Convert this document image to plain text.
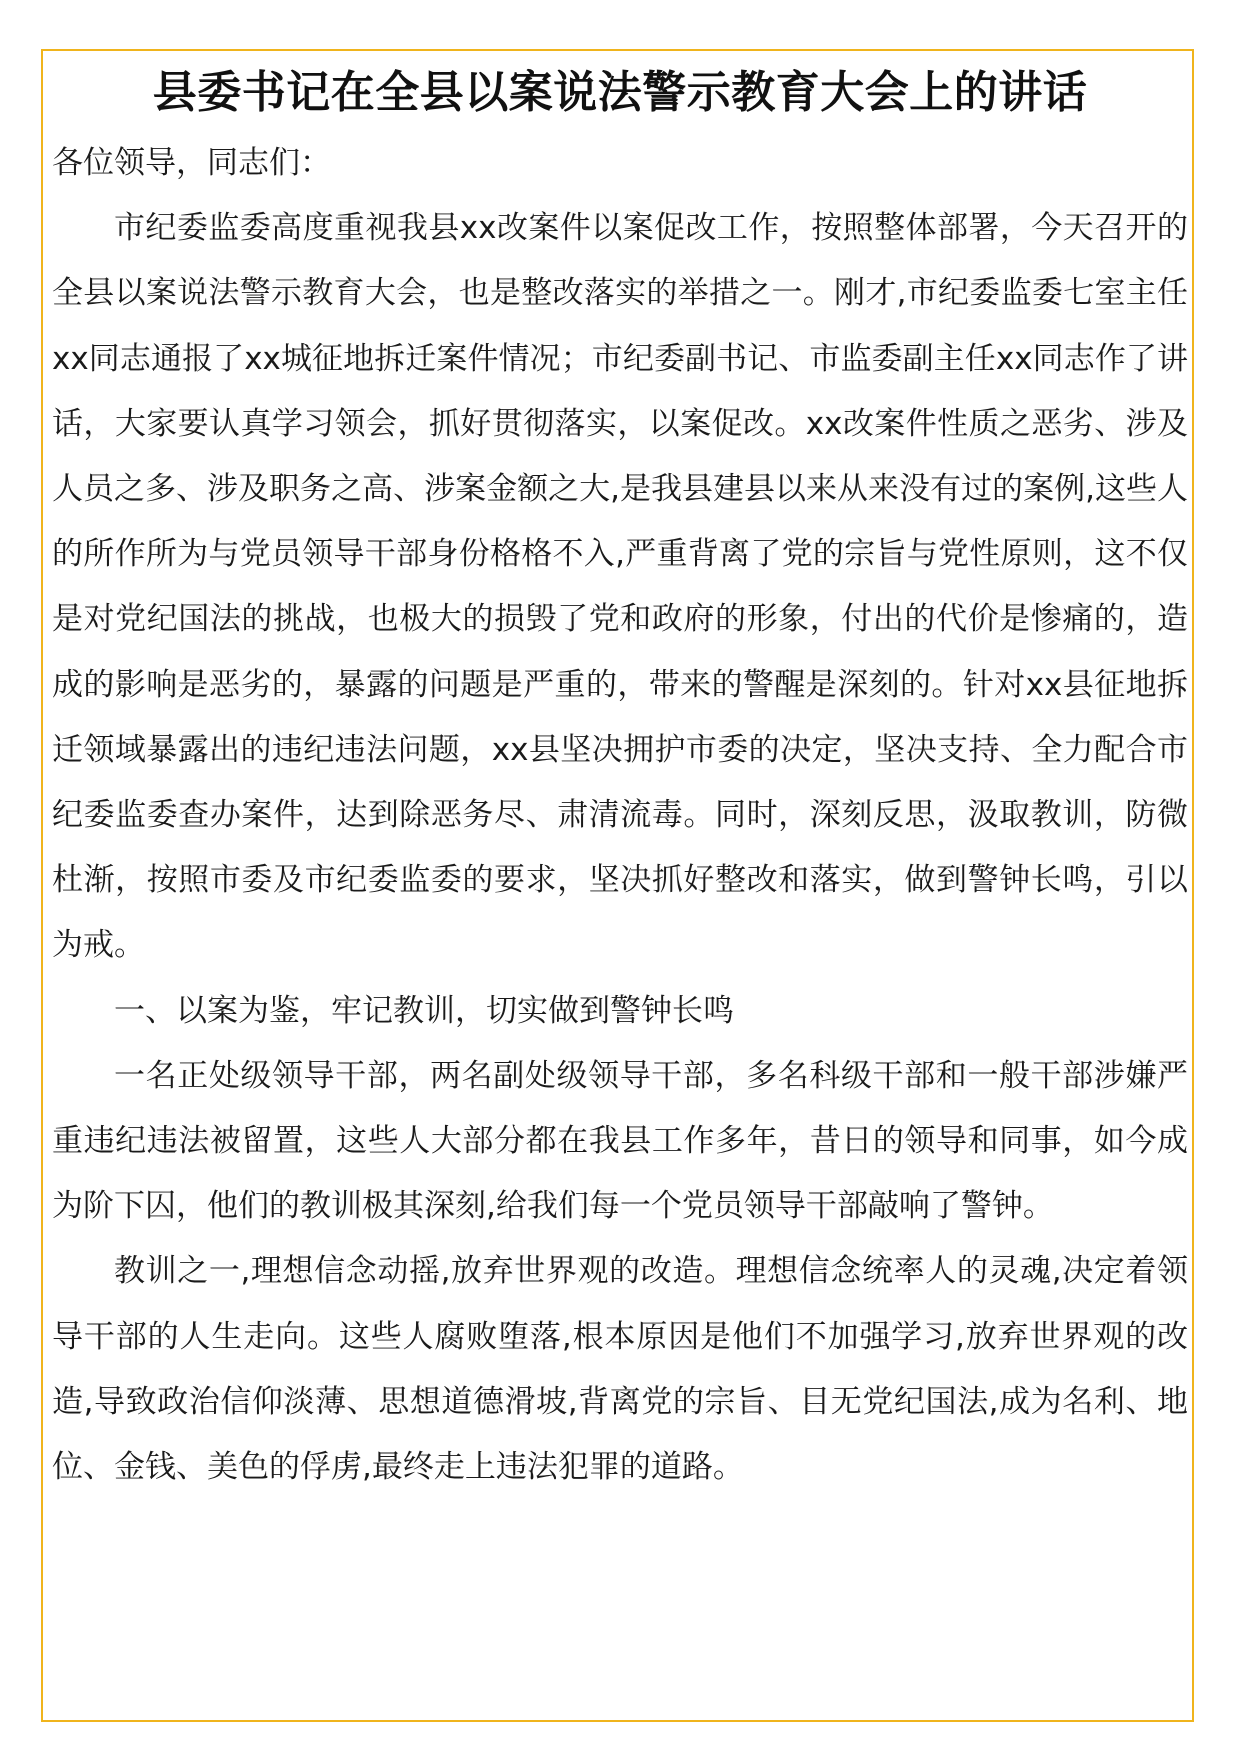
县委书记在全县以案说法警示教育大会上的讲话

各位领导，同志们：

市纪委监委高度重视我县xx改案件以案促改工作，按照整体部署，今天召开的全县以案说法警示教育大会，也是整改落实的举措之一。刚才,市纪委监委七室主任xx同志通报了xx城征地拆迁案件情况；市纪委副书记、市监委副主任xx同志作了讲话，大家要认真学习领会，抓好贯彻落实，以案促改。xx改案件性质之恶劣、涉及人员之多、涉及职务之高、涉案金额之大,是我县建县以来从来没有过的案例,这些人的所作所为与党员领导干部身份格格不入,严重背离了党的宗旨与党性原则，这不仅是对党纪国法的挑战，也极大的损毁了党和政府的形象，付出的代价是惨痛的，造成的影响是恶劣的，暴露的问题是严重的，带来的警醒是深刻的。针对xx县征地拆迁领域暴露出的违纪违法问题，xx县坚决拥护市委的决定，坚决支持、全力配合市纪委监委查办案件，达到除恶务尽、肃清流毒。同时，深刻反思，汲取教训，防微杜渐，按照市委及市纪委监委的要求，坚决抓好整改和落实，做到警钟长鸣，引以为戒。

一、以案为鉴，牢记教训，切实做到警钟长鸣

一名正处级领导干部，两名副处级领导干部，多名科级干部和一般干部涉嫌严重违纪违法被留置，这些人大部分都在我县工作多年，昔日的领导和同事，如今成为阶下囚，他们的教训极其深刻,给我们每一个党员领导干部敲响了警钟。

教训之一,理想信念动摇,放弃世界观的改造。理想信念统率人的灵魂,决定着领导干部的人生走向。这些人腐败堕落,根本原因是他们不加强学习,放弃世界观的改造,导致政治信仰淡薄、思想道德滑坡,背离党的宗旨、目无党纪国法,成为名利、地位、金钱、美色的俘虏,最终走上违法犯罪的道路。
